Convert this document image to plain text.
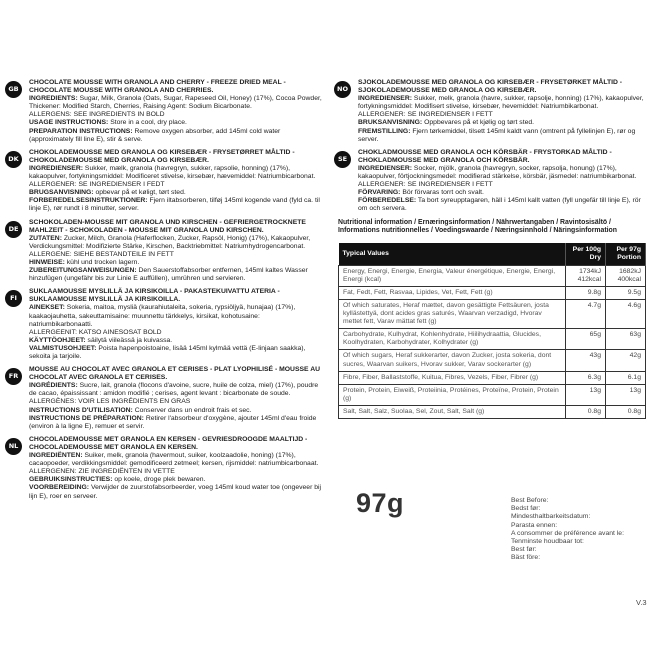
GB

CHOCOLATE MOUSSE WITH GRANOLA AND CHERRY - FREEZE DRIED MEAL - CHOCOLATE MOUSSE WITH GRANOLA AND CHERRIES.
INGREDIENTS: Sugar, Milk, Granola (Oats, Sugar, Rapeseed Oil, Honey) (17%), Cocoa Powder, Thickener: Modified Starch, Cherries, Raising Agent: Sodium Bicarbonate.
ALLERGENS: SEE INGREDIENTS IN BOLD
USAGE INSTRUCTIONS: Store in a cool, dry place.
PREPARATION INSTRUCTIONS: Remove oxygen absorber, add 145ml cold water (approximately fill line E), stir & serve.

DK

CHOKOLADEMOUSSE MED GRANOLA OG KIRSEBÆR - FRYSETØRRET MÅLTID - CHOKOLADEMOUSSE MED GRANOLA OG KIRSEBÆR.
INGREDIENSER: Sukker, mælk, granola (havregryn, sukker, rapsolie, honning) (17%), kakaopulver, fortykningsmiddel: Modificeret stivelse, kirsebær, hævemiddel: Natriumbicarbonat.
ALLERGENER: SE INGREDIENSER I FEDT
BRUGSANVISNING: opbevar på et køligt, tørt sted.
FORBEREDELSESINSTRUKTIONER: Fjern iltabsorberen, tilføj 145ml kogende vand (fyld ca. til linje E), rør rundt i 8 minutter, server.

DE

SCHOKOLADEN-MOUSSE MIT GRANOLA UND KIRSCHEN - GEFRIERGETROCKNETE MAHLZEIT - SCHOKOLADEN - MOUSSE MIT GRANOLA UND KIRSCHEN.
ZUTATEN: Zucker, Milch, Granola (Haferflocken, Zucker, Rapsöl, Honig) (17%), Kakaopulver, Verdickungsmittel: Modifizierte Stärke, Kirschen, Backtriebmittel: Natriumhydrogencarbonat.
ALLERGENE: SIEHE BESTANDTEILE IN FETT
HINWEISE: kühl und trocken lagern.
ZUBEREITUNGSANWEISUNGEN: Den Sauerstoffabsorber entfernen, 145ml kaltes Wasser hinzufügen (ungefähr bis zur Linie E auffüllen), umrühren und servieren.

FI

SUKLAAMOUSSE MYSLILLÄ JA KIRSIKOILLA - PAKASTEKUIVATTU ATERIA - SUKLAAMOUSSE MYSLILLÄ JA KIRSIKOILLA.
AINEKSET: Sokeria, maitoa, mysliä (kaurahiutaleita, sokeria, rypsiöljyä, hunajaa) (17%), kaakaojauhetta, sakeuttamisaine: muunnettu tärkkelys, kirsikat, kohotusaine: natriumbikarbonaatti.
ALLERGEENIT: KATSO AINESOSAT BOLD
KÄYTTÖOHJEET: säilytä viileässä ja kuivassa.
VALMISTUSOHJEET: Poista hapenpoistoaine, lisää 145ml kylmää vettä (E-linjaan saakka), sekoita ja tarjoile.

FR

MOUSSE AU CHOCOLAT AVEC GRANOLA ET CERISES - PLAT LYOPHILISÉ - MOUSSE AU CHOCOLAT AVEC GRANOLA ET CERISES.
INGRÉDIENTS: Sucre, lait, granola (flocons d'avoine, sucre, huile de colza, miel) (17%), poudre de cacao, épaississant : amidon modifié ; cerises, agent levant : bicarbonate de soude.
ALLERGÈNES: VOIR LES INGRÉDIENTS EN GRAS
INSTRUCTIONS D'UTILISATION: Conserver dans un endroit frais et sec.
INSTRUCTIONS DE PRÉPARATION: Retirer l'absorbeur d'oxygène, ajouter 145ml d'eau froide (environ à la ligne E), remuer et servir.

NL

CHOCOLADEMOUSSE MET GRANOLA EN KERSEN - GEVRIESDROOGDE MAALTIJD - CHOCOLADEMOUSSE MET GRANOLA EN KERSEN.
INGREDIËNTEN: Suiker, melk, granola (havermout, suiker, koolzaadolie, honing) (17%), cacaopoeder, verdikkingsmiddel: gemodificeerd zetmeel; kersen, rijsmiddel: natriumbicarbonaat.
ALLERGENEN: ZIE INGREDIËNTEN IN VETTE
GEBRUIKSINSTRUCTIES: op koele, droge plek bewaren.
VOORBEREIDING: Verwijder de zuurstofabsorbeerder, voeg 145ml koud water toe (ongeveer bij lijn E), roer en serveer.

NO

SJOKOLADEMOUSSE MED GRANOLA OG KIRSEBÆR - FRYSETØRKET MÅLTID - SJOKOLADEMOUSSE MED GRANOLA OG KIRSEBÆR.
INGREDIENSER: Sukker, melk, granola (havre, sukker, rapsolje, honning) (17%), kakaopulver, fortykningsmiddel: Modifisert stivelse, kirsebær, hevemiddel: Natriumbikarbonat.
ALLERGENER: SE INGREDIENSER I FETT
BRUKSANVISNING: Oppbevares på et kjølig og tørt sted.
FREMSTILLING: Fjern tørkemiddel, tilsett 145ml kaldt vann (omtrent på fyllelinjen E), rør og server.

SE

CHOKLADMOUSSE MED GRANOLA OCH KÖRSBÄR - FRYSTORKAD MÅLTID - CHOKLADMOUSSE MED GRANOLA OCH KÖRSBÄR.
INGREDIENSER: Socker, mjölk, granola (havregryn, socker, rapsolja, honung) (17%), kakaopulver, förtjockningsmedel: modifierad stärkelse, körsbär, jäsmedel: natriumbikarbonat.
ALLERGENER: SE INGREDIENSER I FETT
FÖRVARING: Bör förvaras torrt och svalt.
FÖRBEREDELSE: Ta bort syreupptagaren, häll i 145ml kallt vatten (fyll ungefär till linje E), rör om och servera.

Nutritional information / Ernæringsinformation / Nährwertangaben / Ravintosisältö / Informations nutritionnelles / Voedingswaarde / Næringsinnhold / Näringsinformation

Typical Values	Per 100g Dry	Per 97g Portion
Energy, Energi, Energie, Energia, Valeur énergétique, Energie, Energi, Energi (kcal)	1734kJ 412kcal	1682kJ 400kcal
Fat, Fedt, Fett, Rasvaa, Lipides, Vet, Fett, Fett (g)	9.8g	9.5g
Of which saturates, Heraf mættet, davon gesättigte Fettsäuren, josta kyllästettyä, dont acides gras saturés, Waarvan verzadigd, Hvorav mettet fett, Varav mättat fett (g)	4.7g	4.6g
Carbohydrate, Kulhydrat, Kohlenhydrate, Hiilihydraattia, Glucides, Koolhydraten, Karbohydrater, Kolhydrater (g)	65g	63g
Of which sugars, Heraf sukkerarter, davon Zucker, josta sokeria, dont sucres, Waarvan suikers, Hvorav sukker, Varav sockerarter (g)	43g	42g
Fibre, Fiber, Ballaststoffe, Kuitua, Fibres, Vezels, Fiber, Fibrer (g)	6.3g	6.1g
Protein, Protein, Eiweiß, Proteiinia, Protéines, Proteïne, Protein, Protein (g)	13g	13g
Salt, Salt, Salz, Suolaa, Sel, Zout, Salt, Salt (g)	0.8g	0.8g
97g	Best Before:
Bedst før:
Mindesthaltbarkeitsdatum:
Parasta ennen:
A consommer de préférence avant le:
Tenminste houdbaar tot:
Best før:
Bäst före:
V.3
